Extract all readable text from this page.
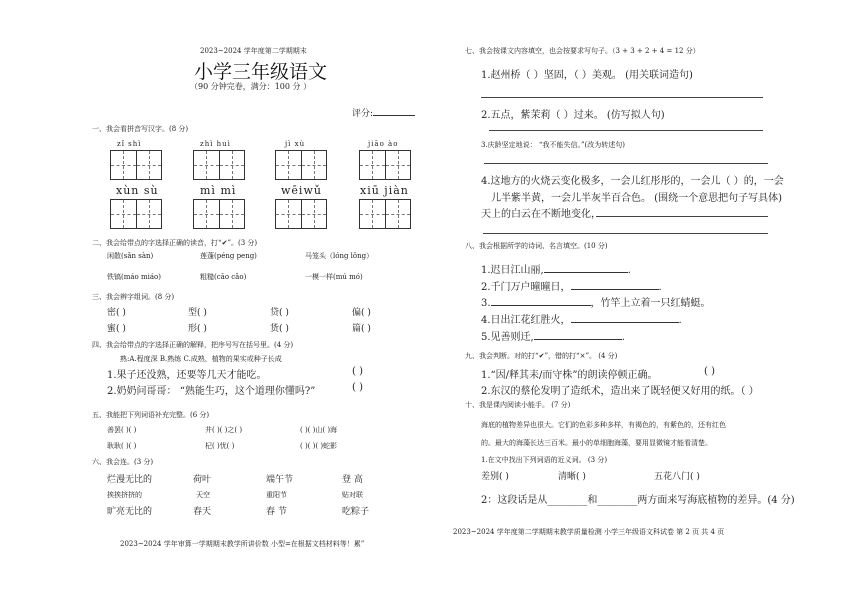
2023~2024 学年度第二学期期末
小学三年级语文
（90 分钟完卷，满分：100 分 ）
评分:
一、我会看拼音写汉字。(8 分)
zǐ shì	zhì huì	jì xù	jiāo ào
xùn sù	mì mì	wēiwǔ	xiū jiàn
二、我会给带点的字选择正确的读音，打“✔”。(3 分)
闲散(sǎn sàn)	莲蓬(péng peng)	马笼头（lóng lǒng）
铁镐(máo miáo)	粗糙(cāo cǎo)	一模一样(mú mó)
三、我会辨字组词。(8 分)
密( )	型( )	贷( )	偏( )
蜜( )	形( )	货( )	篇( )
四、我会给带点的字选择正确的解释，把序号写在括号里。(4 分)
熟:A.程度深 B.熟练 C.成熟，植物的果实或种子长成
1.果子还没熟，还要等几天才能吃。	( )
2.奶奶问哥哥： “熟能生巧，这个道理你懂吗?”	( )
五、我能把下列词语补充完整。(6 分)
善罢( )( )	井( )( )之( )	( )( )山( )海
耿耿( )( )	杞( )忧( )	( )( )( )蛇影
六、我会连。(3 分)
烂漫无比的	荷叶	端午节	登 高
挨挨挤挤的	天空	重阳节	贴对联
旷亮无比的	春天	春 节	吃粽子
2023~2024 学年审算一学期期末教学所讲价数 小型=在根据文档材料等！累”
七、我会按课文内容填空，也会按要求写句子。（3 + 3 + 2 + 4 = 12 分）
1.赵州桥（ ）坚固，（ ）美观。 (用关联词造句)
2.五点，紫茉莉（ ）过来。 (仿写拟人句)
3.庆龄坚定地说： “我不能失信。”(改为转述句)
4.这地方的火烧云变化极多，一会儿红彤彤的，一会儿（ ）的，一会
儿半紫半黄，一会儿半灰半百合色。 (围绕一个意思把句子写具体)
天上的白云在不断地变化，
八、我会根据所学的诗词、名言填空。(10 分)
1.迟日江山丽,	.
2.千门万户曈曈日，	.
3.	，竹竿上立着一只红蜻蜓。
4.日出江花红胜火，	.
5.见善则迁,	.
九、我会判断。对的打“✔”，错的打“×”。 (4 分)
1.“因/释其耒/而守株”的朗读停顿正确。	( )
2.东汉的蔡伦发明了造纸术，造出来了既轻便又好用的纸。（ ）
十、我是课内阅读小能手。 (7 分)
海底的植物差异也很大。它们的色彩多种多样，有褐色的，有紫色的，还有红色
的。最大的海藻长达三百米。最小的单细胞海藻，要用显微镜才能看清楚。
1.在文中找出下列词语的近义词。 (3 分)
差别( )	清晰( )	五花八门( )
2：这段话是从________和________两方面来写海底植物的差异。(4 分)
2023~2024 学年度第二学期期末教学质量检测 小学三年级语文科试卷 第 2 页 共 4 页
